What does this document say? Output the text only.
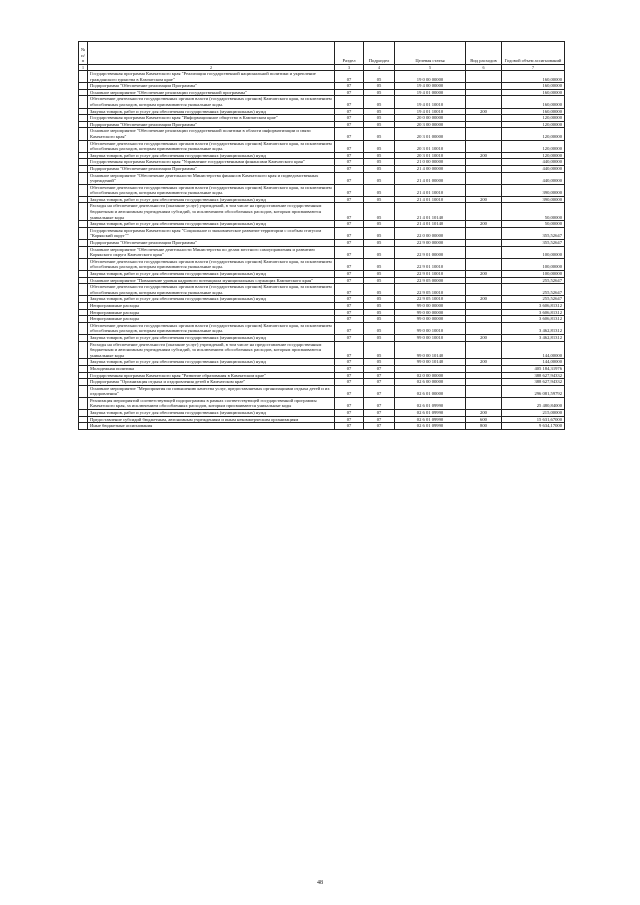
№ п/п		Раздел	Подраздел	Целевая статья	Вид расходов	Годовой объем ассигнований
1	2	3	4	5	6	7
	Государственная программа Камчатского края "Реализация государственной национальной политики и укрепление гражданского единства в Камчатском крае"	07	05	19 0 00 00000		160,00000
	Подпрограмма "Обеспечение реализации Программы"	07	05	19 4 00 00000		160,00000
	Основное мероприятие "Обеспечение реализации государственной программы"	07	05	19 4 01 00000		160,00000
	Обеспечение деятельности государственных органов власти (государственных органов) Камчатского края, за исключением обособленных расходов, которым присваиваются уникальные коды.	07	05	19 4 01 10010		160,00000
	Закупка товаров, работ и услуг для обеспечения государственных (муниципальных) нужд	07	05	19 4 01 10010	200	160,00000
	Государственная программа Камчатского края "Информационное общество в Камчатском крае"	07	05	20 0 00 00000		120,00000
	Подпрограмма "Обеспечение реализации Программы"	07	05	20 3 00 00000		120,00000
	Основное мероприятие "Обеспечение реализации государственной политики в области информатизации и связи Камчатского края"	07	05	20 3 01 00000		120,00000
	Обеспечение деятельности государственных органов власти (государственных органов) Камчатского края, за исключением обособленных расходов, которым присваиваются уникальные коды.	07	05	20 3 01 10010		120,00000
	Закупка товаров, работ и услуг для обеспечения государственных (муниципальных) нужд	07	05	20 3 01 10010	200	120,00000
	Государственная программа Камчатского края "Управление государственными финансами Камчатского края"	07	05	21 0 00 00000		440,00000
	Подпрограмма "Обеспечение реализации Программы"	07	05	21 4 00 00000		440,00000
	Основное мероприятие "Обеспечение деятельности Министерства финансов Камчатского края и подведомственных учреждений"	07	05	21 4 01 00000		440,00000
	Обеспечение деятельности государственных органов власти (государственных органов) Камчатского края, за исключением обособленных расходов, которым присваиваются уникальные коды.	07	05	21 4 01 10010		390,00000
	Закупка товаров, работ и услуг для обеспечения государственных (муниципальных) нужд	07	05	21 4 01 10010	200	390,00000
	Расходы на обеспечение деятельности (оказание услуг) учреждений, в том числе на предоставление государственным бюджетным и автономным учреждениям субсидий, за исключением обособленных расходов, которым присваиваются уникальные коды	07	05	21 4 01 10140		50,00000
	Закупка товаров, работ и услуг для обеспечения государственных (муниципальных) нужд	07	05	21 4 01 10140	200	50,00000
	Государственная программа Камчатского края "Социальное и экономическое развитие территории с особым статусом "Корякский округ""	07	05	22 0 00 00000		355,52647
	Подпрограмма "Обеспечение реализации Программы"	07	05	22 9 00 00000		355,52647
	Основное мероприятие "Обеспечение деятельности Министерства по делам местного самоуправления и развитию Корякского округа Камчатского края"	07	05	22 9 01 00000		100,00000
	Обеспечение деятельности государственных органов власти (государственных органов) Камчатского края, за исключением обособленных расходов, которым присваиваются уникальные коды.	07	05	22 9 01 10010		100,00000
	Закупка товаров, работ и услуг для обеспечения государственных (муниципальных) нужд	07	05	22 9 01 10010	200	100,00000
	Основное мероприятие "Повышение уровня кадрового потенциала муниципальных служащих Камчатского края"	07	05	22 9 05 00000		255,52647
	Обеспечение деятельности государственных органов власти (государственных органов) Камчатского края, за исключением обособленных расходов, которым присваиваются уникальные коды.	07	05	22 9 05 10010		255,52647
	Закупка товаров, работ и услуг для обеспечения государственных (муниципальных) нужд	07	05	22 9 05 10010	200	255,52647
	Непрограммные расходы	07	05	99 0 00 00000		3 606,81312
	Непрограммные расходы	07	05	99 0 00 00000		3 606,81312
	Непрограммные расходы	07	05	99 0 00 00000		3 606,81312
	Обеспечение деятельности государственных органов власти (государственных органов) Камчатского края, за исключением обособленных расходов, которым присваиваются уникальные коды.	07	05	99 0 00 10010		3 462,81312
	Закупка товаров, работ и услуг для обеспечения государственных (муниципальных) нужд	07	05	99 0 00 10010	200	3 462,81312
	Расходы на обеспечение деятельности (оказание услуг) учреждений, в том числе на предоставление государственным бюджетным и автономным учреждениям субсидий, за исключением обособленных расходов, которым присваиваются уникальные коды	07	05	99 0 00 10140		144,00000
	Закупка товаров, работ и услуг для обеспечения государственных (муниципальных) нужд	07	05	99 0 00 10140	200	144,00000
	Молодежная политика	07	07			405 184,31976
	Государственная программа Камчатского края "Развитие образования в Камчатском крае"	07	07	02 0 00 00000		388 627,94332
	Подпрограмма "Организация отдыха и оздоровления детей в Камчатском крае"	07	07	02 6 00 00000		388 627,94332
	Основное мероприятие "Мероприятия по повышению качества услуг, предоставляемых организациями отдыха детей и их оздоровления"	07	07	02 6 01 00000		296 081,59792
	Реализация мероприятий соответствующей подпрограммы в рамках соответствующей государственной программы Камчатского края, за исключением обособленных расходов, которым присваиваются уникальные коды	07	07	02 6 01 09990		25 480,84000
	Закупка товаров, работ и услуг для обеспечения государственных (муниципальных) нужд	07	07	02 6 01 09990	200	215,00000
	Предоставление субсидий бюджетным, автономным учреждениям и иным некоммерческим организациям	07	07	02 6 01 09990	600	15 631,67000
	Иные бюджетные ассигнования	07	07	02 6 01 09990	800	9 634,17000
48
